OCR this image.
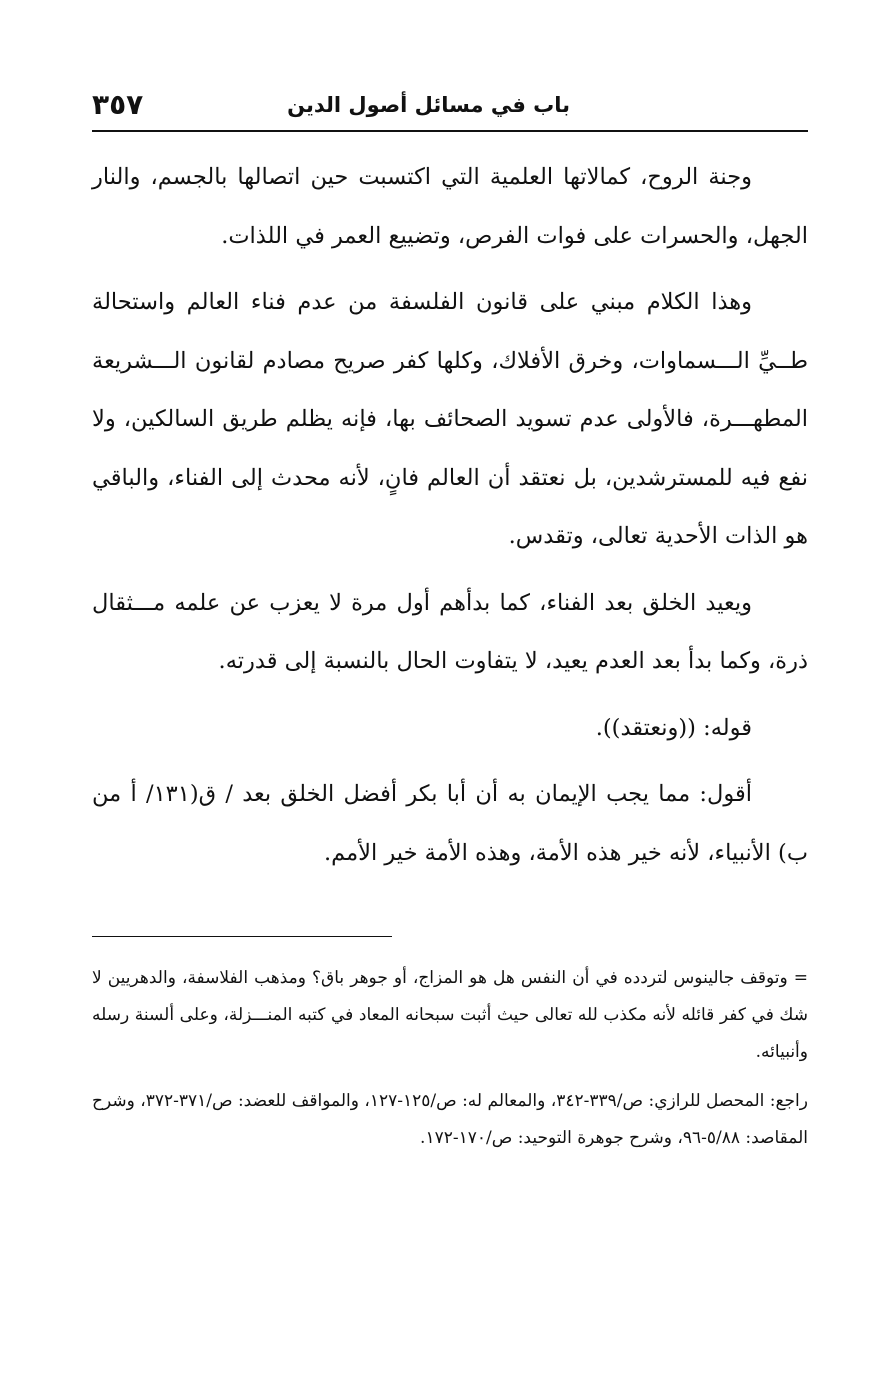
باب في مسائل أصول الدين
٣٥٧

وجنة الروح، كمالاتها العلمية التي اكتسبت حين اتصالها بالجسم، والنار الجهل، والحسرات على فوات الفرص، وتضييع العمر في اللذات.

وهذا الكلام مبني على قانون الفلسفة من عدم فناء العالم واستحالة طــيِّ الـــسماوات، وخرق الأفلاك، وكلها كفر صريح مصادم لقانون الـــشريعة المطهـــرة، فالأولى عدم تسويد الصحائف بها، فإنه يظلم طريق السالكين، ولا نفع فيه للمسترشدين، بل نعتقد أن العالم فانٍ، لأنه محدث إلى الفناء، والباقي هو الذات الأحدية تعالى، وتقدس.

ويعيد الخلق بعد الفناء، كما بدأهم أول مرة لا يعزب عن علمه مـــثقال ذرة، وكما بدأ بعد العدم يعيد، لا يتفاوت الحال بالنسبة إلى قدرته.

قوله: ((ونعتقد)).

أقول: مما يجب الإيمان به أن أبا بكر أفضل الخلق بعد / ق(١٣١/ أ من ب) الأنبياء، لأنه خير هذه الأمة، وهذه الأمة خير الأمم.

= وتوقف جالينوس لتردده في أن النفس هل هو المزاج، أو جوهر باق؟ ومذهب الفلاسفة، والدهريين لا شك في كفر قائله لأنه مكذب لله تعالى حيث أثبت سبحانه المعاد في كتبه المنـــزلة، وعلى ألسنة رسله وأنبيائه.

راجع: المحصل للرازي: ص/٣٣٩-٣٤٢، والمعالم له: ص/١٢٥-١٢٧، والمواقف للعضد: ص/٣٧١-٣٧٢، وشرح المقاصد: ٥/٨٨-٩٦، وشرح جوهرة التوحيد: ص/١٧٠-١٧٢.
